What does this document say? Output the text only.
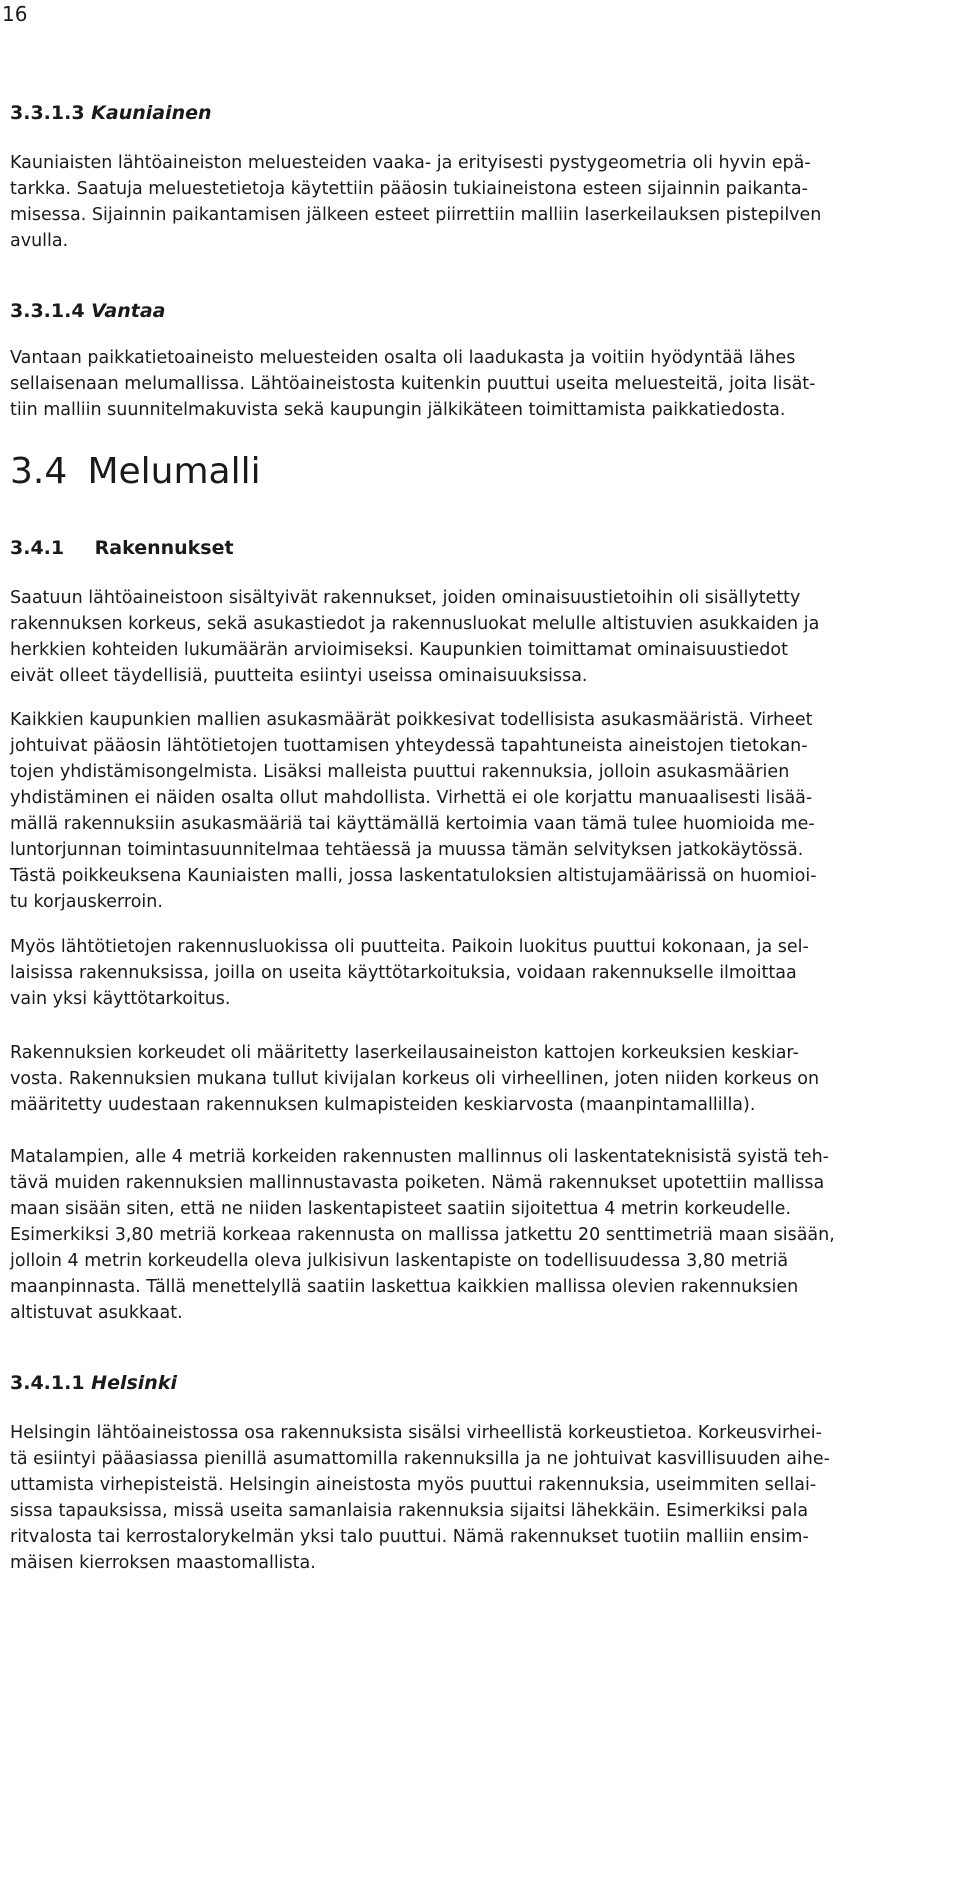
16
3.3.1.3 Kauniainen

Kauniaisten lähtöaineiston meluesteiden vaaka- ja erityisesti pystygeometria oli hyvin epä-
tarkka. Saatuja meluestetietoja käytettiin pääosin tukiaineistona esteen sijainnin paikanta-
misessa. Sijainnin paikantamisen jälkeen esteet piirrettiin malliin laserkeilauksen pistepilven
avulla.

3.3.1.4 Vantaa

Vantaan paikkatietoaineisto meluesteiden osalta oli laadukasta ja voitiin hyödyntää lähes
sellaisenaan melumallissa. Lähtöaineistosta kuitenkin puuttui useita meluesteitä, joita lisät-
tiin malliin suunnitelmakuvista sekä kaupungin jälkikäteen toimittamista paikkatiedosta.

3.4 Melumalli
3.4.1 Rakennukset

Saatuun lähtöaineistoon sisältyivät rakennukset, joiden ominaisuustietoihin oli sisällytetty
rakennuksen korkeus, sekä asukastiedot ja rakennusluokat melulle altistuvien asukkaiden ja
herkkien kohteiden lukumäärän arvioimiseksi. Kaupunkien toimittamat ominaisuustiedot
eivät olleet täydellisiä, puutteita esiintyi useissa ominaisuuksissa.

Kaikkien kaupunkien mallien asukasmäärät poikkesivat todellisista asukasmääristä. Virheet
johtuivat pääosin lähtötietojen tuottamisen yhteydessä tapahtuneista aineistojen tietokan-
tojen yhdistämisongelmista. Lisäksi malleista puuttui rakennuksia, jolloin asukasmäärien
yhdistäminen ei näiden osalta ollut mahdollista. Virhettä ei ole korjattu manuaalisesti lisää-
mällä rakennuksiin asukasmääriä tai käyttämällä kertoimia vaan tämä tulee huomioida me-
luntorjunnan toimintasuunnitelmaa tehtäessä ja muussa tämän selvityksen jatkokäytössä.
Tästä poikkeuksena Kauniaisten malli, jossa laskentatuloksien altistujamäärissä on huomioi-
tu korjauskerroin.

Myös lähtötietojen rakennusluokissa oli puutteita. Paikoin luokitus puuttui kokonaan, ja sel-
laisissa rakennuksissa, joilla on useita käyttötarkoituksia, voidaan rakennukselle ilmoittaa
vain yksi käyttötarkoitus.

Rakennuksien korkeudet oli määritetty laserkeilausaineiston kattojen korkeuksien keskiar-
vosta. Rakennuksien mukana tullut kivijalan korkeus oli virheellinen, joten niiden korkeus on
määritetty uudestaan rakennuksen kulmapisteiden keskiarvosta (maanpintamallilla).

Matalampien, alle 4 metriä korkeiden rakennusten mallinnus oli laskentateknisistä syistä teh-
tävä muiden rakennuksien mallinnustavasta poiketen. Nämä rakennukset upotettiin mallissa
maan sisään siten, että ne niiden laskentapisteet saatiin sijoitettua 4 metrin korkeudelle.
Esimerkiksi 3,80 metriä korkeaa rakennusta on mallissa jatkettu 20 senttimetriä maan sisään,
jolloin 4 metrin korkeudella oleva julkisivun laskentapiste on todellisuudessa 3,80 metriä
maanpinnasta. Tällä menettelyllä saatiin laskettua kaikkien mallissa olevien rakennuksien
altistuvat asukkaat.

3.4.1.1 Helsinki

Helsingin lähtöaineistossa osa rakennuksista sisälsi virheellistä korkeustietoa. Korkeusvirhei-
tä esiintyi pääasiassa pienillä asumattomilla rakennuksilla ja ne johtuivat kasvillisuuden aihe-
uttamista virhepisteistä. Helsingin aineistosta myös puuttui rakennuksia, useimmiten sellai-
sissa tapauksissa, missä useita samanlaisia rakennuksia sijaitsi lähekkäin. Esimerkiksi pala
ritvalosta tai kerrostalorykelmän yksi talo puuttui. Nämä rakennukset tuotiin malliin ensim-
mäisen kierroksen maastomallista.
